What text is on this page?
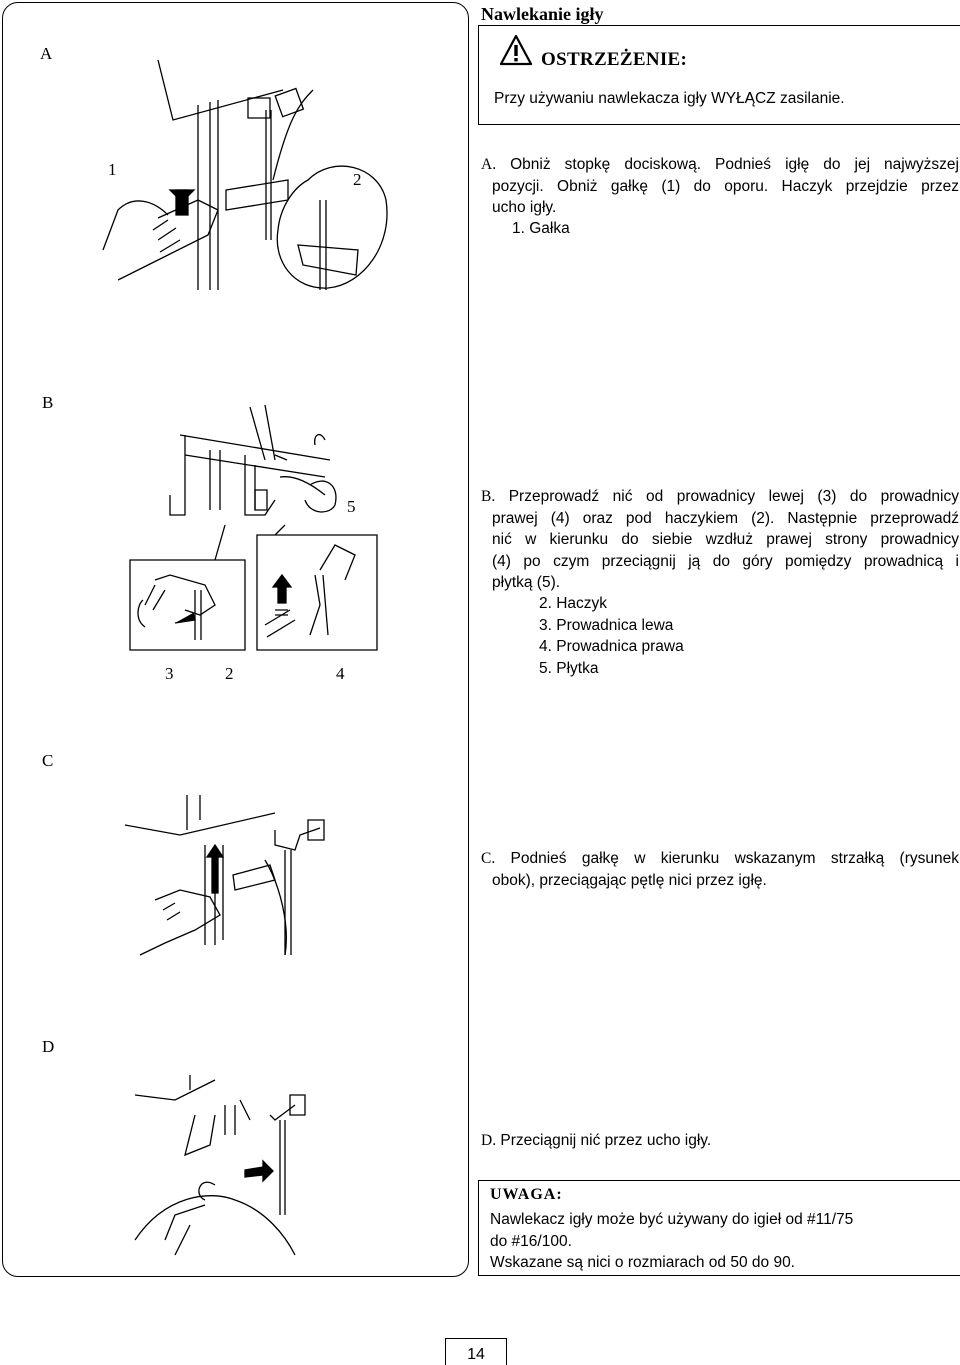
A
1
2
B
5
3	2	4
C
D
Nawlekanie igły
OSTRZEŻENIE:
Przy używaniu nawlekacza igły WYŁĄCZ zasilanie.
A. Obniż stopkę dociskową. Podnieś igłę do jej najwyższej
pozycji. Obniż gałkę (1) do oporu. Haczyk przejdzie przez
ucho igły.
1. Gałka
B. Przeprowadź nić od prowadnicy lewej (3) do prowadnicy
prawej (4) oraz pod haczykiem (2). Następnie przeprowadź
nić w kierunku do siebie wzdłuż prawej strony prowadnicy
(4) po czym przeciągnij ją do góry pomiędzy prowadnicą i
płytką (5).
2. Haczyk
3. Prowadnica lewa
4. Prowadnica prawa
5. Płytka
C. Podnieś gałkę w kierunku wskazanym strzałką (rysunek
obok), przeciągając pętlę nici przez igłę.
D. Przeciągnij nić przez ucho igły.
UWAGA:
Nawlekacz igły może być używany do igieł od #11/75
do #16/100.
Wskazane są nici o rozmiarach od 50 do 90.
14
